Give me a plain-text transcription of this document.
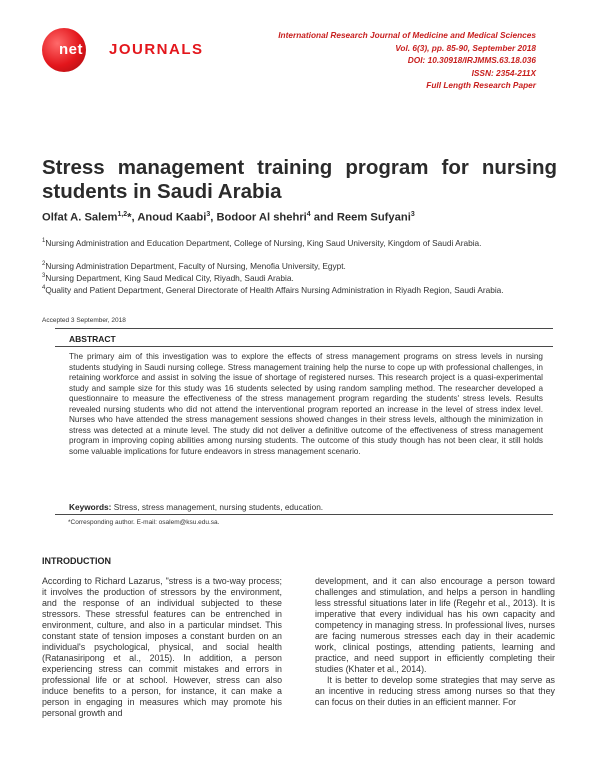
net JOURNALS
International Research Journal of Medicine and Medical Sciences
Vol. 6(3), pp. 85-90, September 2018
DOI: 10.30918/IRJMMS.63.18.036
ISSN: 2354-211X
Full Length Research Paper
Stress management training program for nursing students in Saudi Arabia
Olfat A. Salem$^{1,2}$*, Anoud Kaabi$^3$, Bodoor Al shehri$^4$ and Reem Sufyani$^3$
$^1$Nursing Administration and Education Department, College of Nursing, King Saud University, Kingdom of Saudi Arabia.
$^2$Nursing Administration Department, Faculty of Nursing, Menofia University, Egypt.
$^3$Nursing Department, King Saud Medical City, Riyadh, Saudi Arabia.
$^4$Quality and Patient Department, General Directorate of Health Affairs Nursing Administration in Riyadh Region, Saudi Arabia.
Accepted 3 September, 2018
ABSTRACT
The primary aim of this investigation was to explore the effects of stress management programs on stress levels in nursing students studying in Saudi nursing college. Stress management training help the nurse to cope up with professional challenges, in retaining workforce and assist in solving the issue of shortage of registered nurses. This research project is a quasi-experimental study and sample size for this study was 16 students selected by using random sampling method. The researcher developed a questionnaire to measure the effectiveness of the stress management program regarding the students' stress levels. Results revealed nursing students who did not attend the interventional program reported an increase in the level of stress index level. Nurses who have attended the stress management sessions showed changes in their stress levels, although the minimization in stress was detected at a minute level. The study did not deliver a definitive outcome of the effectiveness of stress management program in improving coping abilities among nursing students. The outcome of this study though has not been clear, it still holds some valuable implications for future endeavors in stress management scenario.
Keywords: Stress, stress management, nursing students, education.
*Corresponding author. E-mail: osalem@ksu.edu.sa.
INTRODUCTION

According to Richard Lazarus, "stress is a two-way process; it involves the production of stressors by the environment, and the response of an individual subjected to these stressors. These stressful features can be entrenched in environment, culture, and also in a particular mindset. This constant state of tension imposes a constant burden on an individual's psychological, physical, and social health (Ratanasiripong et al., 2015). In addition, a person experiencing stress can commit mistakes and errors in professional life or at school. However, stress can also induce benefits to a person, for instance, it can make a person in engaging in measures which may promote his personal growth and

development, and it can also encourage a person toward challenges and stimulation, and helps a person in handling less stressful situations later in life (Regehr et al., 2013). It is imperative that every individual has his own capacity and competency in managing stress. In professional lives, nurses are facing numerous stresses each day in their academic work, clinical postings, attending patients, learning and practice, and need support in efficiently completing their studies (Khater et al., 2014).

It is better to develop some strategies that may serve as an incentive in reducing stress among nurses so that they can focus on their duties in an efficient manner. For
